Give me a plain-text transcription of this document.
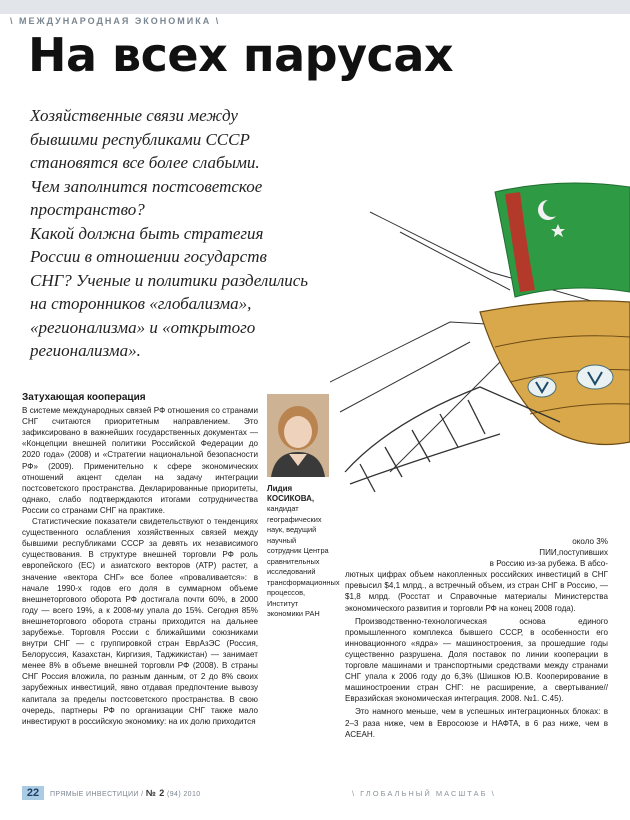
\ МЕЖДУНАРОДНАЯ ЭКОНОМИКА \
На всех парусах

Хозяйственные связи между

бывшими республиками СССР

становятся все более слабыми.

Чем заполнится постсоветское

пространство?

Какой должна быть стратегия

России в отношении государств

СНГ? Ученые и политики разделились

на сторонников «глобализма»,

«регионализма» и «открытого

регионализма».

Затухающая кооперация

В системе международных связей РФ отношения со странами СНГ считаются приоритетным направлением. Это зафиксировано в важнейших государственных документах — «Концепции внешней политики Российской Федерации до 2020 года» (2008) и «Стратегии национальной безопасности РФ» (2009). Применительно к сфере экономических отношений акцент сделан на задачу интеграции постсоветского пространства. Декларированные приоритеты, однако, слабо подтверждаются итогами сотрудничества России со странами СНГ на практике.

Статистические показатели свидетельствуют о тенденциях существенного ослабления хозяйственных связей между бывшими республиками СССР за девять их независимого существования. В структуре внешней торговли РФ роль европейского (ЕС) и азиатского векторов (АТР) растет, а значение «вектора СНГ» все более «проваливается»: в начале 1990-х годов его доля в суммарном объеме внешнеторгового оборота РФ достигала почти 60%, в 2000 году — всего 19%, а к 2008-му упала до 15%. Сегодня 85% внешнеторгового оборота страны приходится на дальнее зарубежье. Торговля России с ближайшими союзниками внутри СНГ — с группировкой стран ЕврАзЭС (Россия, Белоруссия, Казахстан, Киргизия, Таджикистан) — занимает менее 8% в объеме внешней торговли РФ (2008). В страны СНГ Россия вложила, по разным данным, от 2 до 8% своих зарубежных инвестиций, явно отдавая предпочтение вывозу капитала за пределы постсоветского пространства. В свою очередь, партнеры РФ по организации СНГ также мало инвестируют в российскую экономику: на их долю приходится

Лидия
КОСИКОВА,
кандидат
географических
наук, ведущий
научный
сотрудник Центра
сравнительных
исследований
трансформационных
процессов,
Институт
экономики РАН

около 3%

ПИИ,поступивших

в Россию из-за рубежа. В абсо-

лютных цифрах объем накопленных российских инвестиций в СНГ превысил $4,1 млрд., а встречный объем, из стран СНГ в Россию, — $1,8 млрд. (Росстат и Справочные материалы Министерства экономического развития и торговли РФ на конец 2008 года).

Производственно-технологическая основа единого промышленного комплекса бывшего СССР, в особенности его инновационного «ядра» — машиностроения, за прошедшие годы существенно разрушена. Доля поставок по линии кооперации в торговле машинами и транспортными средствами между странами СНГ упала к 2006 году до 6,3% (Шишков Ю.В. Кооперирование в машиностроении стран СНГ: не расширение, а свертывание//Евразийская экономическая интеграция. 2008. №1. С.45).

Это намного меньше, чем в успешных интеграционных блоках: в 2–3 раза ниже, чем в Евросоюзе и НАФТА, в 6 раз ниже, чем в АСЕАН.

22	ПРЯМЫЕ ИНВЕСТИЦИИ / № 2 (94) 2010	\ ГЛОБАЛЬНЫЙ МАСШТАБ \
